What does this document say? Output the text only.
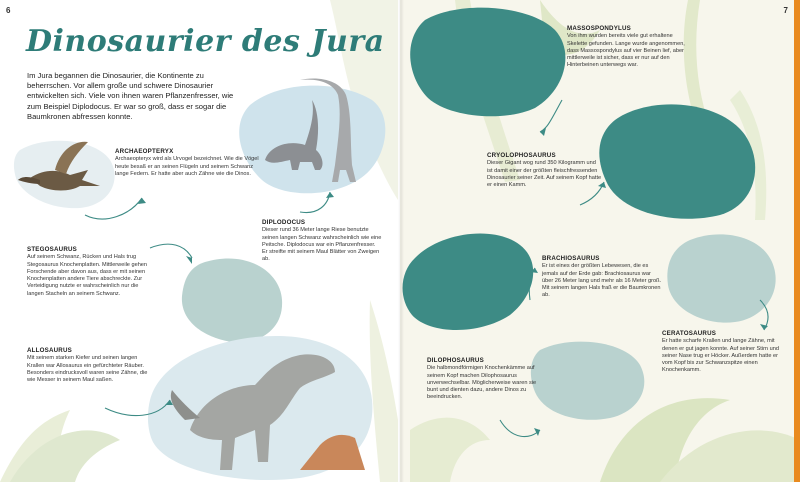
6	7
Dinosaurier des Jura
Im Jura begannen die Dinosaurier, die Kontinente zu beherrschen. Vor allem große und schwere Dinosaurier entwickelten sich. Viele von ihnen waren Pflanzenfresser, wie zum Beispiel Diplodocus. Er war so groß, dass er sogar die Baumkronen abfressen konnte.
ARCHAEOPTERYX
Archaeopteryx wird als Urvogel bezeichnet. Wie die Vögel heute besaß er an seinen Flügeln und seinem Schwanz lange Federn. Er hatte aber auch Zähne wie die Dinos.
DIPLODOCUS
Dieser rund 36 Meter lange Riese benutzte seinen langen Schwanz wahrscheinlich wie eine Peitsche. Diplodocus war ein Pflanzenfresser. Er streifte mit seinem Maul Blätter von Zweigen ab.
STEGOSAURUS
Auf seinem Schwanz, Rücken und Hals trug Stegosaurus Knochenplatten. Mittlerweile gehen Forschende aber davon aus, dass er mit seinen Knochenplatten andere Tiere abschreckte. Zur Verteidigung nutzte er wahrscheinlich nur die langen Stacheln an seinem Schwanz.
ALLOSAURUS
Mit seinem starken Kiefer und seinen langen Krallen war Allosaurus ein gefürchteter Räuber. Besonders eindrucksvoll waren seine Zähne, die wie Messer in seinem Maul saßen.
MASSOSPONDYLUS
Von ihm wurden bereits viele gut erhaltene Skelette gefunden. Lange wurde angenommen, dass Massospondylus auf vier Beinen lief, aber mittlerweile ist sicher, dass er nur auf den Hinterbeinen unterwegs war.
CRYOLOPHOSAURUS
Dieser Gigant wog rund 350 Kilogramm und ist damit einer der größten fleischfressenden Dinosaurier seiner Zeit. Auf seinem Kopf hatte er einen Kamm.
BRACHIOSAURUS
Er ist eines der größten Lebewesen, die es jemals auf der Erde gab: Brachiosaurus war über 26 Meter lang und mehr als 16 Meter groß. Mit seinem langen Hals fraß er die Baumkronen ab.
CERATOSAURUS
Er hatte scharfe Krallen und lange Zähne, mit denen er gut jagen konnte. Auf seiner Stirn und seiner Nase trug er Höcker. Außerdem hatte er vom Kopf bis zur Schwanzspitze einen Knochenkamm.
DILOPHOSAURUS
Die halbmondförmigen Knochenkämme auf seinem Kopf machen Dilophosaurus unverwechselbar. Möglicherweise waren sie bunt und dienten dazu, andere Dinos zu beeindrucken.
